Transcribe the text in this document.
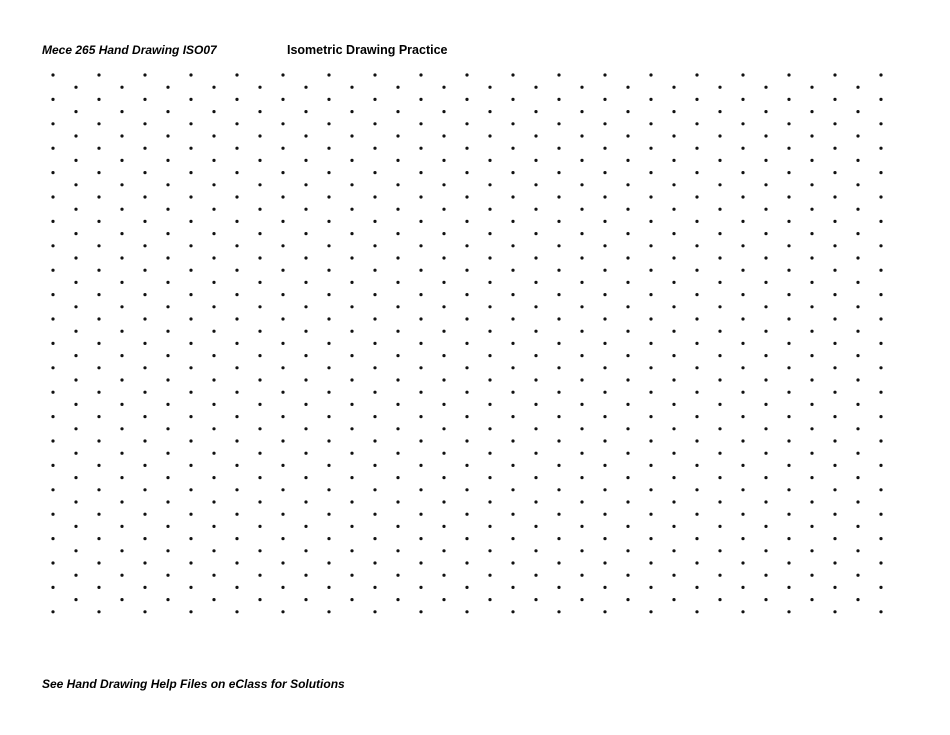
Mece 265 Hand Drawing ISO07	Isometric Drawing Practice
See Hand Drawing Help Files on eClass for Solutions
